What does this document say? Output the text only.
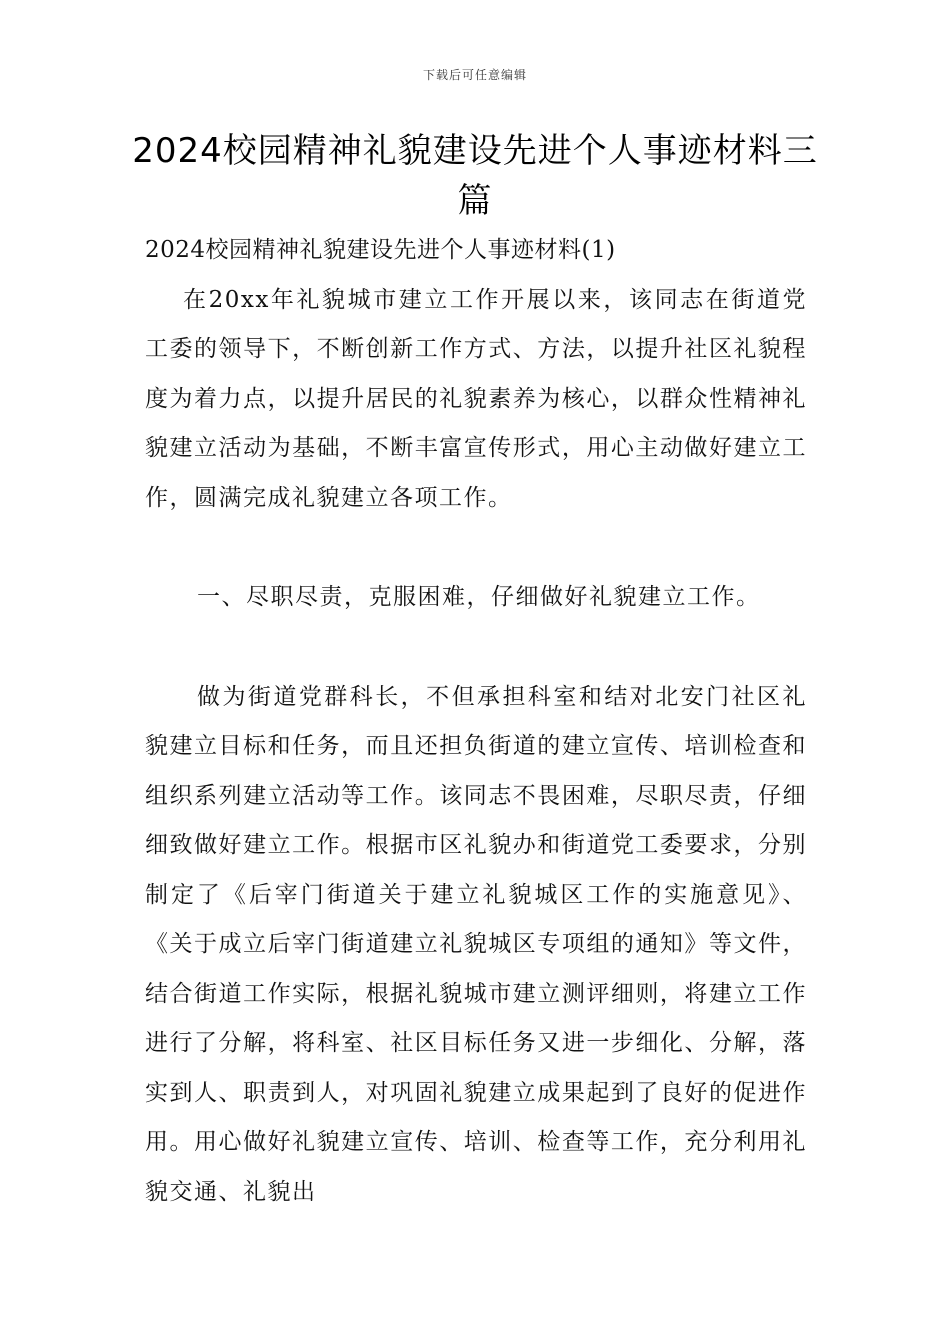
下载后可任意编辑
2024校园精神礼貌建设先进个人事迹材料三篇

2024校园精神礼貌建设先进个人事迹材料(1)

在20xx年礼貌城市建立工作开展以来，该同志在街道党工委的领导下，不断创新工作方式、方法，以提升社区礼貌程度为着力点，以提升居民的礼貌素养为核心，以群众性精神礼貌建立活动为基础，不断丰富宣传形式，用心主动做好建立工作，圆满完成礼貌建立各项工作。

一、尽职尽责，克服困难，仔细做好礼貌建立工作。

做为街道党群科长，不但承担科室和结对北安门社区礼貌建立目标和任务，而且还担负街道的建立宣传、培训检查和组织系列建立活动等工作。该同志不畏困难，尽职尽责，仔细细致做好建立工作。根据市区礼貌办和街道党工委要求，分别制定了《后宰门街道关于建立礼貌城区工作的实施意见》、《关于成立后宰门街道建立礼貌城区专项组的通知》等文件，结合街道工作实际，根据礼貌城市建立测评细则，将建立工作进行了分解，将科室、社区目标任务又进一步细化、分解，落实到人、职责到人，对巩固礼貌建立成果起到了良好的促进作用。用心做好礼貌建立宣传、培训、检查等工作，充分利用礼貌交通、礼貌出
